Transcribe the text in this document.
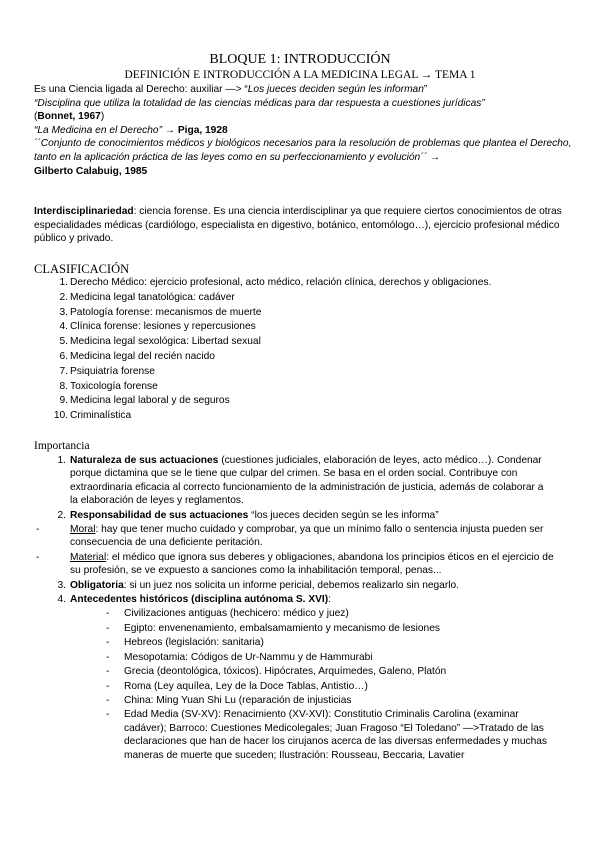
BLOQUE 1: INTRODUCCIÓN
DEFINICIÓN E INTRODUCCIÓN A LA MEDICINA LEGAL → TEMA 1

Es una Ciencia ligada al Derecho: auxiliar —> “Los jueces deciden según les informan”

“Disciplina que utiliza la totalidad de las ciencias médicas para dar respuesta a cuestiones jurídicas”

(Bonnet, 1967)

“La Medicina en el Derecho” → Piga, 1928

´´Conjunto de conocimientos médicos y biológicos necesarios para la resolución de problemas que plantea el Derecho, tanto en la aplicación práctica de las leyes como en su perfeccionamiento y evolución´´ →

Gilberto Calabuig, 1985

Interdisciplinariedad: ciencia forense. Es una ciencia interdisciplinar ya que requiere ciertos conocimientos de otras especialidades médicas (cardiólogo, especialista en digestivo, botánico, entomólogo…), ejercicio profesional médico público y privado.
CLASIFICACIÓN
1. Derecho Médico: ejercicio profesional, acto médico, relación clínica, derechos y obligaciones.
2. Medicina legal tanatológica: cadáver
3. Patología forense: mecanismos de muerte
4. Clínica forense: lesiones y repercusiones
5. Medicina legal sexológica: Libertad sexual
6. Medicina legal del recién nacido
7. Psiquiatría forense
8. Toxicología forense
9. Medicina legal laboral y de seguros
10. Criminalística
Importancia
1. Naturaleza de sus actuaciones (cuestiones judiciales, elaboración de leyes, acto médico…). Condenar porque dictamina que se le tiene que culpar del crimen. Se basa en el orden social. Contribuye con extraordinaria eficacia al correcto funcionamiento de la administración de justicia, además de colaborar a la elaboración de leyes y reglamentos.
2. Responsabilidad de sus actuaciones “los jueces deciden según se les informa”
-	Moral: hay que tener mucho cuidado y comprobar, ya que un mínimo fallo o sentencia injusta pueden ser consecuencia de una deficiente peritación.
-	Material: el médico que ignora sus deberes y obligaciones, abandona los principios éticos en el ejercicio de su profesión, se ve expuesto a sanciones como la inhabilitación temporal, penas...
3. Obligatoria: si un juez nos solicita un informe pericial, debemos realizarlo sin negarlo.
4. Antecedentes históricos (disciplina autónoma S. XVI):
- Civilizaciones antiguas (hechicero: médico y juez)
- Egipto: envenenamiento, embalsamamiento y mecanismo de lesiones
- Hebreos (legislación: sanitaria)
- Mesopotamia: Códigos de Ur-Nammu y de Hammurabi
- Grecia (deontológica, tóxicos). Hipócrates, Arquímedes, Galeno, Platón
- Roma (Ley aquílea, Ley de la Doce Tablas, Antistio…)
- China: Ming Yuan Shi Lu (reparación de injusticias
- Edad Media (SV-XV): Renacimiento (XV-XVI): Constitutio Criminalis Carolina (examinar cadáver); Barroco: Cuestiones Medicolegales; Juan Fragoso “El Toledano” —>Tratado de las declaraciones que han de hacer los cirujanos acerca de las diversas enfermedades y muchas maneras de muerte que suceden; Ilustración: Rousseau, Beccaria, Lavatier
